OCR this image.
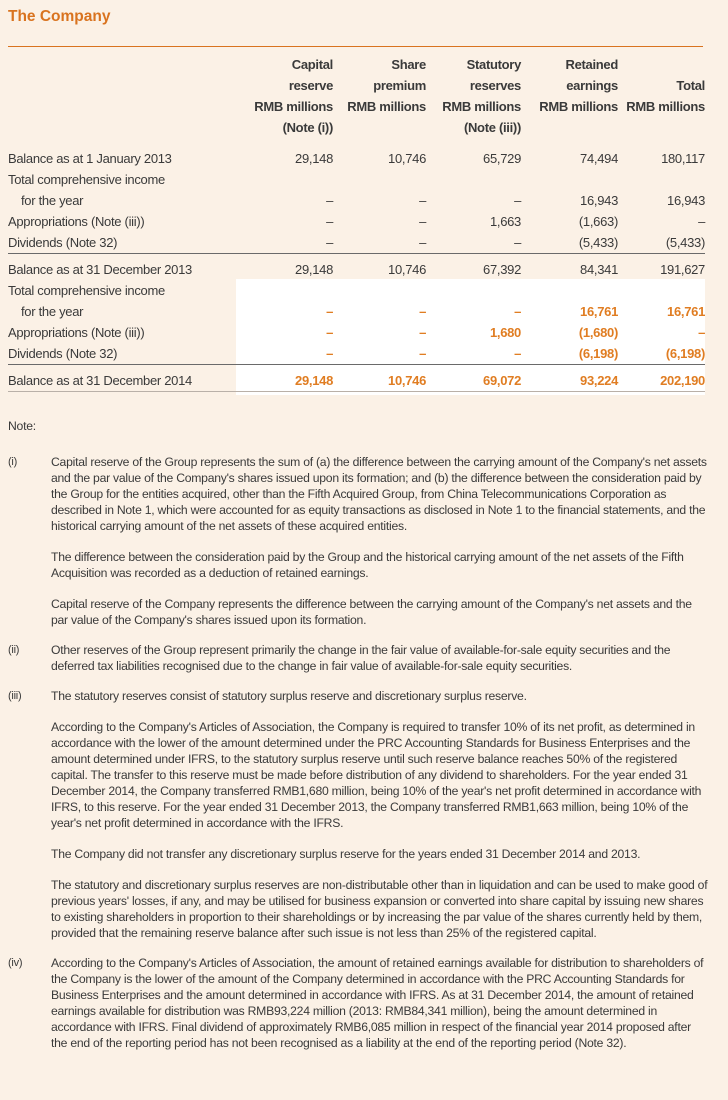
The Company
	Capital	Share	Statutory	Retained	
	reserve	premium	reserves	earnings	Total
	RMB millions	RMB millions	RMB millions	RMB millions	RMB millions
	(Note (i))		(Note (iii))		

Balance as at 1 January 2013	29,148	10,746	65,729	74,494	180,117
Total comprehensive income					
for the year	–	–	–	16,943	16,943
Appropriations (Note (iii))	–	–	1,663	(1,663)	–
Dividends (Note 32)	–	–	–	(5,433)	(5,433)

Balance as at 31 December 2013	29,148	10,746	67,392	84,341	191,627
Total comprehensive income					
for the year	–	–	–	16,761	16,761
Appropriations (Note (iii))	–	–	1,680	(1,680)	–
Dividends (Note 32)	–	–	–	(6,198)	(6,198)

Balance as at 31 December 2014	29,148	10,746	69,072	93,224	202,190
Note:
(i)	Capital reserve of the Group represents the sum of (a) the difference between the carrying amount of the Company's net assets and the par value of the Company's shares issued upon its formation; and (b) the difference between the consideration paid by the Group for the entities acquired, other than the Fifth Acquired Group, from China Telecommunications Corporation as described in Note 1, which were accounted for as equity transactions as disclosed in Note 1 to the financial statements, and the historical carrying amount of the net assets of these acquired entities.

The difference between the consideration paid by the Group and the historical carrying amount of the net assets of the Fifth Acquisition was recorded as a deduction of retained earnings.

Capital reserve of the Company represents the difference between the carrying amount of the Company's net assets and the par value of the Company's shares issued upon its formation.

(ii)	Other reserves of the Group represent primarily the change in the fair value of available-for-sale equity securities and the deferred tax liabilities recognised due to the change in fair value of available-for-sale equity securities.

(iii) The statutory reserves consist of statutory surplus reserve and discretionary surplus reserve.

According to the Company's Articles of Association, the Company is required to transfer 10% of its net profit, as determined in accordance with the lower of the amount determined under the PRC Accounting Standards for Business Enterprises and the amount determined under IFRS, to the statutory surplus reserve until such reserve balance reaches 50% of the registered capital. The transfer to this reserve must be made before distribution of any dividend to shareholders. For the year ended 31 December 2014, the Company transferred RMB1,680 million, being 10% of the year's net profit determined in accordance with IFRS, to this reserve. For the year ended 31 December 2013, the Company transferred RMB1,663 million, being 10% of the year's net profit determined in accordance with the IFRS.

The Company did not transfer any discretionary surplus reserve for the years ended 31 December 2014 and 2013.

The statutory and discretionary surplus reserves are non-distributable other than in liquidation and can be used to make good of previous years' losses, if any, and may be utilised for business expansion or converted into share capital by issuing new shares to existing shareholders in proportion to their shareholdings or by increasing the par value of the shares currently held by them, provided that the remaining reserve balance after such issue is not less than 25% of the registered capital.

(iv) According to the Company's Articles of Association, the amount of retained earnings available for distribution to shareholders of the Company is the lower of the amount of the Company determined in accordance with the PRC Accounting Standards for Business Enterprises and the amount determined in accordance with IFRS. As at 31 December 2014, the amount of retained earnings available for distribution was RMB93,224 million (2013: RMB84,341 million), being the amount determined in accordance with IFRS. Final dividend of approximately RMB6,085 million in respect of the financial year 2014 proposed after the end of the reporting period has not been recognised as a liability at the end of the reporting period (Note 32).
